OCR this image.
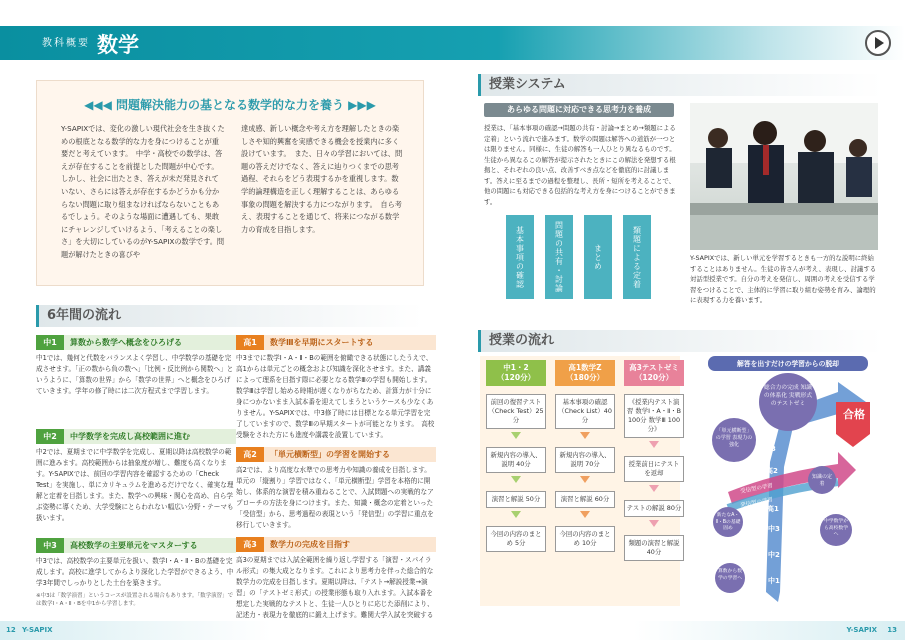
教科概要 数学
◀◀◀ 問題解決能力の基となる数学的な力を養う ▶▶▶

Y-SAPIXでは、変化の激しい現代社会を生き抜くための根底となる数学的な力を身につけることが重要だと考えています。　中学・高校での数学は、答えが存在することを前提とした問題が中心です。しかし、社会に出たとき、答えが未だ発見されていない、さらには答えが存在するかどうかも分からない問題に取り組まなければならないこともあるでしょう。そのような場面に遭遇しても、果敢にチャレンジしていけるよう、「考えることの楽しさ」を大切にしているのがY-SAPIXの数学です。問題が解けたときの喜びや

達成感、新しい概念や考え方を理解したときの楽しさや知的興奮を実感できる機会を授業内に多く設けています。　また、日々の学習においては、問題の答えだけでなく、答えに辿りつくまでの思考過程、それらをどう表現するかを重視します。数学的論理構造を正しく理解することは、あらゆる事象の問題を解決する力につながります。　自ら考え、表現することを通じて、将来につながる数学力の育成を目指します。

6年間の流れ
中1	算数から数学へ概念をひろげる

中1では、幾何と代数をバランスよく学習し、中学数学の基礎を完成させます。「正の数から負の数へ」「比例・反比例から関数へ」というように、「算数の世界」から「数学の世界」へと概念をひろげていきます。学年の修了時には二次方程式まで学習します。

中2	中学数学を完成し高校範囲に進む

中2では、夏期までに中学数学を完成し、夏期以降は高校数学の範囲に進みます。高校範囲からは抽象度が増し、難度も高くなります。Y-SAPIXでは、前回の学習内容を確認するための「Check Test」を実施し、単にカリキュラムを進めるだけでなく、確実な理解と定着を目指します。また、数学への興味・関心を高め、自ら学ぶ姿勢に導くため、大学受験にとらわれない幅広い分野・テーマも扱います。

中3	高校数学の主要単元をマスターする

中3では、高校数学の主要単元を扱い、数学Ⅰ・A・Ⅱ・Bの基礎を完成します。高校に進学してからより深化した学習ができるよう、中学3年間でしっかりとした土台を築きます。

※中3は「数学演習」というコースが設置される場合もあります。「数学演習」では数学Ⅰ・A・Ⅱ・Bを中1から学習します。
高1	数学Ⅲを早期にスタートする

中3までに数学Ⅰ・A・Ⅱ・Bの範囲を俯瞰できる状態にしたうえで、高1からは単元ごとの概念および知識を深化させます。また、講義によって理系を目指す際に必要となる数学Ⅲの学習も開始します。数学Ⅲは学習し始める時期が遅くなりがちなため、計算力が十分に身につかないまま入試本番を迎えてしまうというケースも少なくありません。Y-SAPIXでは、中3修了時には目標となる単元学習を完了していますので、数学Ⅲの早期スタートが可能となります。　高校受験をされた方にも進度や講義を設置しています。

高2	「単元横断型」の学習を開始する

高2では、より高度な水準での思考力や知識の養成を目指します。単元の「縦割り」学習ではなく、「単元横断型」学習を本格的に開始し、体系的な演習を積み重ねることで、入試問題への実戦的なアプローチの方法を身につけます。また、知識・概念の定着といった「受信型」から、思考過程の表現という「発信型」の学習に重点を移行していきます。

高3	数学力の完成を目指す

高3の夏期までは入試全範囲を繰り返し学習する「演習・スパイラル形式」の集大成となります。これにより思考力を伴った総合的な数学力の完成を目指します。夏期以降は、「テスト→解説授業→演習」の「テストゼミ形式」の授業形態も取り入れます。入試本番を想定した実戦的なテストと、生徒一人ひとりに応じた添削により、記述力・表現力を徹底的に鍛え上げます。難関大学入試を突破する

授業システム
あらゆる問題に対応できる思考力を養成
授業は、「基本事項の確認→問題の共有・討論→まとめ→類題による定着」という流れで進みます。数学の問題は解答への道筋が一つとは限りません。同様に、生徒の解答も一人ひとり異なるものです。生徒から異なるこの解答が提示されたときにこの解法を発想する根拠と、それぞれの良い点、改善すべき点などを徹底的に討議します。答えに至るまでの過程を整理し、長所・短所を考えることで、他の問題にも対応できる包括的な考え方を身につけることができます。
基本事項の確認	問題の共有・討論	まとめ	類題による定着	Y-SAPIXでは、新しい単元を学習するときも一方的な説明に終始することはありません。生徒の皆さんが考え、表現し、討議する対話型授業です。自分の考えを発信し、周囲の考えを受信する学習をつけることで、主体的に学習に取り組む姿勢を育み、論理的に表現する力を養います。
授業の流れ
中1・2
（120分）
前回の復習テスト（Check Test）25分
新規内容の導入、説明 40分
演習と解説 50分
今回の内容のまとめ 5分
高1数学Z
（180分）
基本事項の確認（Check List）40分
新規内容の導入、説明 70分
演習と解説 60分
今回の内容のまとめ 10分
高3テストゼミ
（120分）
《授業内テスト演習 数学Ⅰ・A・Ⅱ・B 100分 数学Ⅲ 100分》
授業前日にテストを返却
テストの解説 80分
類題の演習と解説 40分
解答を出すだけの学習からの脱却
合格
総合力の完成 知識の体系化 実戦形式のテストゼミ
「単元横断型」の学習 表現力の強化
知識の定着
新たなA・Ⅱ・Bの基礎固め
中学数学から高校数学へ
算数から数学の学習へ
受信型の学習
発信型の学習
高3
高2
高1
中3
中2
中1
12 Y-SAPIX	Y-SAPIX 13
